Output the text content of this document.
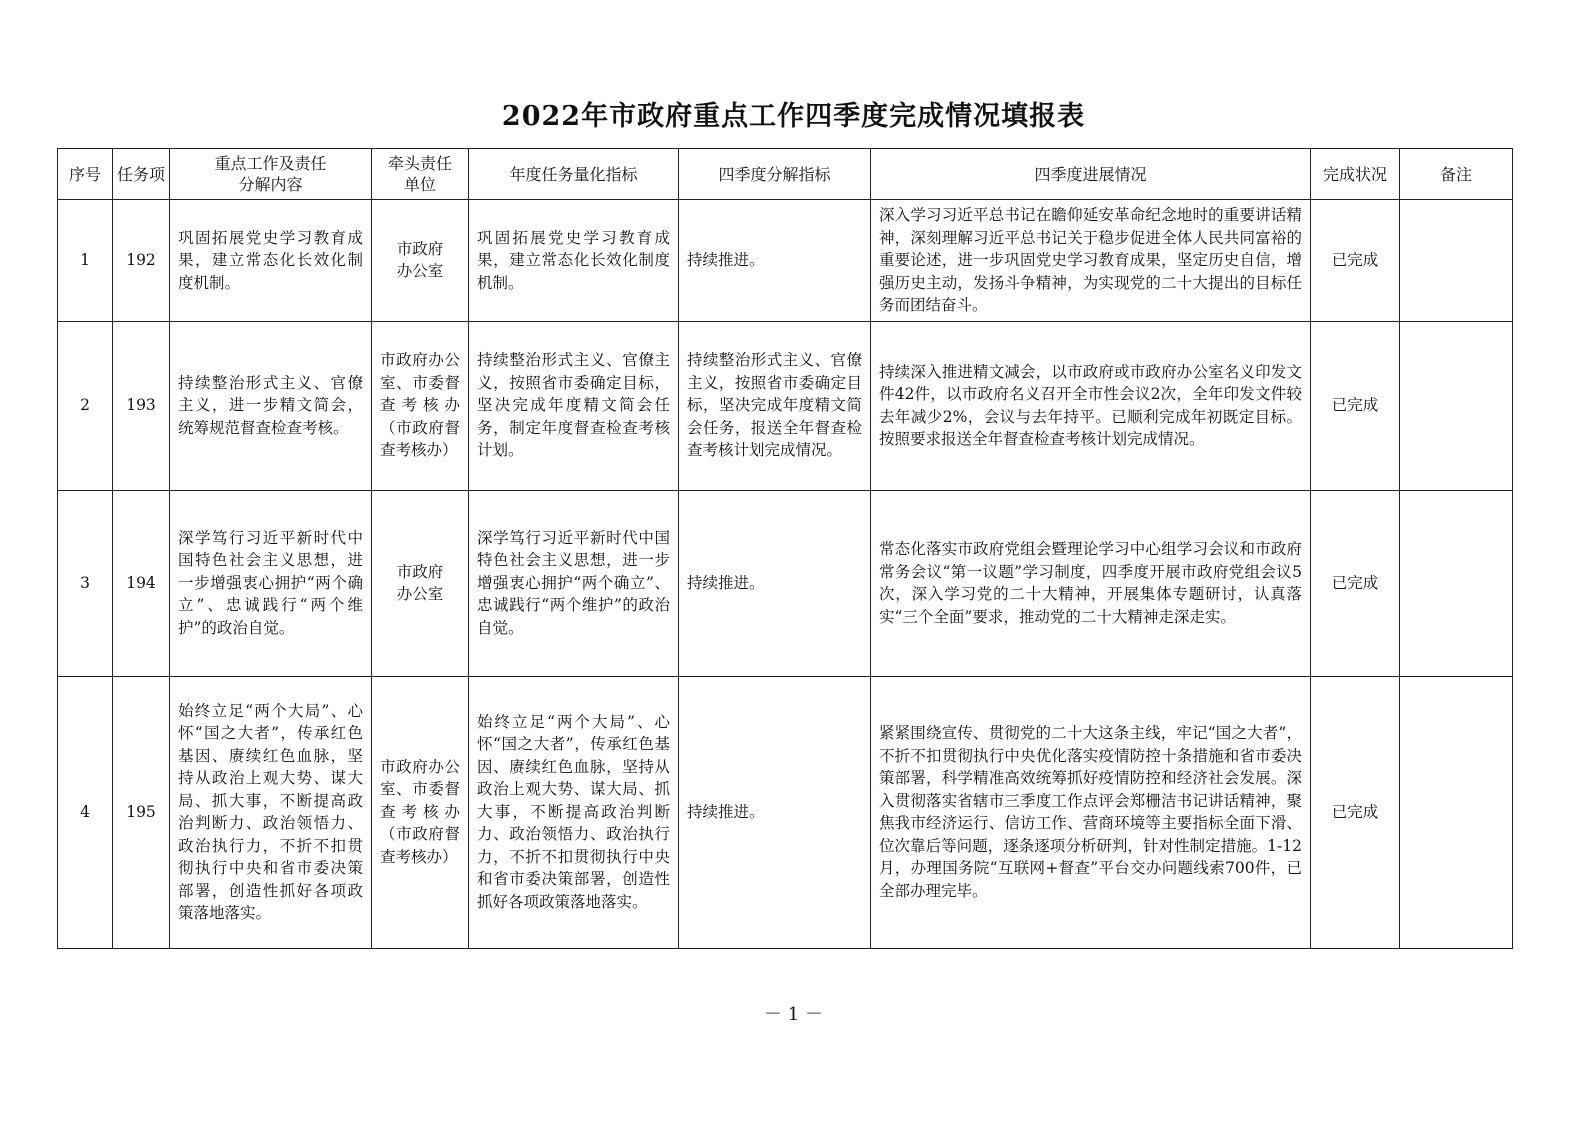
2022年市政府重点工作四季度完成情况填报表
序号	任务项	重点工作及责任分解内容	牵头责任单位	年度任务量化指标	四季度分解指标	四季度进展情况	完成状况	备注
1	192	巩固拓展党史学习教育成果，建立常态化长效化制度机制。	市政府办公室	巩固拓展党史学习教育成果，建立常态化长效化制度机制。	持续推进。	深入学习习近平总书记在瞻仰延安革命纪念地时的重要讲话精神，深刻理解习近平总书记关于稳步促进全体人民共同富裕的重要论述，进一步巩固党史学习教育成果，坚定历史自信，增强历史主动，发扬斗争精神，为实现党的二十大提出的目标任务而团结奋斗。	已完成	
2	193	持续整治形式主义、官僚主义，进一步精文简会，统筹规范督查检查考核。	市政府办公室、市委督查考核办（市政府督查考核办）	持续整治形式主义、官僚主义，按照省市委确定目标，坚决完成年度精文简会任务，制定年度督查检查考核计划。	持续整治形式主义、官僚主义，按照省市委确定目标，坚决完成年度精文简会任务，报送全年督查检查考核计划完成情况。	持续深入推进精文减会，以市政府或市政府办公室名义印发文件42件，以市政府名义召开全市性会议2次，全年印发文件较去年减少2%，会议与去年持平。已顺利完成年初既定目标。按照要求报送全年督查检查考核计划完成情况。	已完成	
3	194	深学笃行习近平新时代中国特色社会主义思想，进一步增强衷心拥护“两个确立”、忠诚践行“两个维护”的政治自觉。	市政府办公室	深学笃行习近平新时代中国特色社会主义思想，进一步增强衷心拥护“两个确立”、忠诚践行“两个维护”的政治自觉。	持续推进。	常态化落实市政府党组会暨理论学习中心组学习会议和市政府常务会议“第一议题”学习制度，四季度开展市政府党组会议5次，深入学习党的二十大精神，开展集体专题研讨，认真落实“三个全面”要求，推动党的二十大精神走深走实。	已完成	
4	195	始终立足“两个大局”、心怀“国之大者”，传承红色基因、赓续红色血脉，坚持从政治上观大势、谋大局、抓大事，不断提高政治判断力、政治领悟力、政治执行力，不折不扣贯彻执行中央和省市委决策部署，创造性抓好各项政策落地落实。	市政府办公室、市委督查考核办（市政府督查考核办）	始终立足“两个大局”、心怀“国之大者”，传承红色基因、赓续红色血脉，坚持从政治上观大势、谋大局、抓大事，不断提高政治判断力、政治领悟力、政治执行力，不折不扣贯彻执行中央和省市委决策部署，创造性抓好各项政策落地落实。	持续推进。	紧紧围绕宣传、贯彻党的二十大这条主线，牢记“国之大者”，不折不扣贯彻执行中央优化落实疫情防控十条措施和省市委决策部署，科学精准高效统筹抓好疫情防控和经济社会发展。深入贯彻落实省辖市三季度工作点评会郑栅洁书记讲话精神，聚焦我市经济运行、信访工作、营商环境等主要指标全面下滑、位次靠后等问题，逐条逐项分析研判，针对性制定措施。1-12月，办理国务院“互联网+督查”平台交办问题线索700件，已全部办理完毕。	已完成	
－ 1 －
